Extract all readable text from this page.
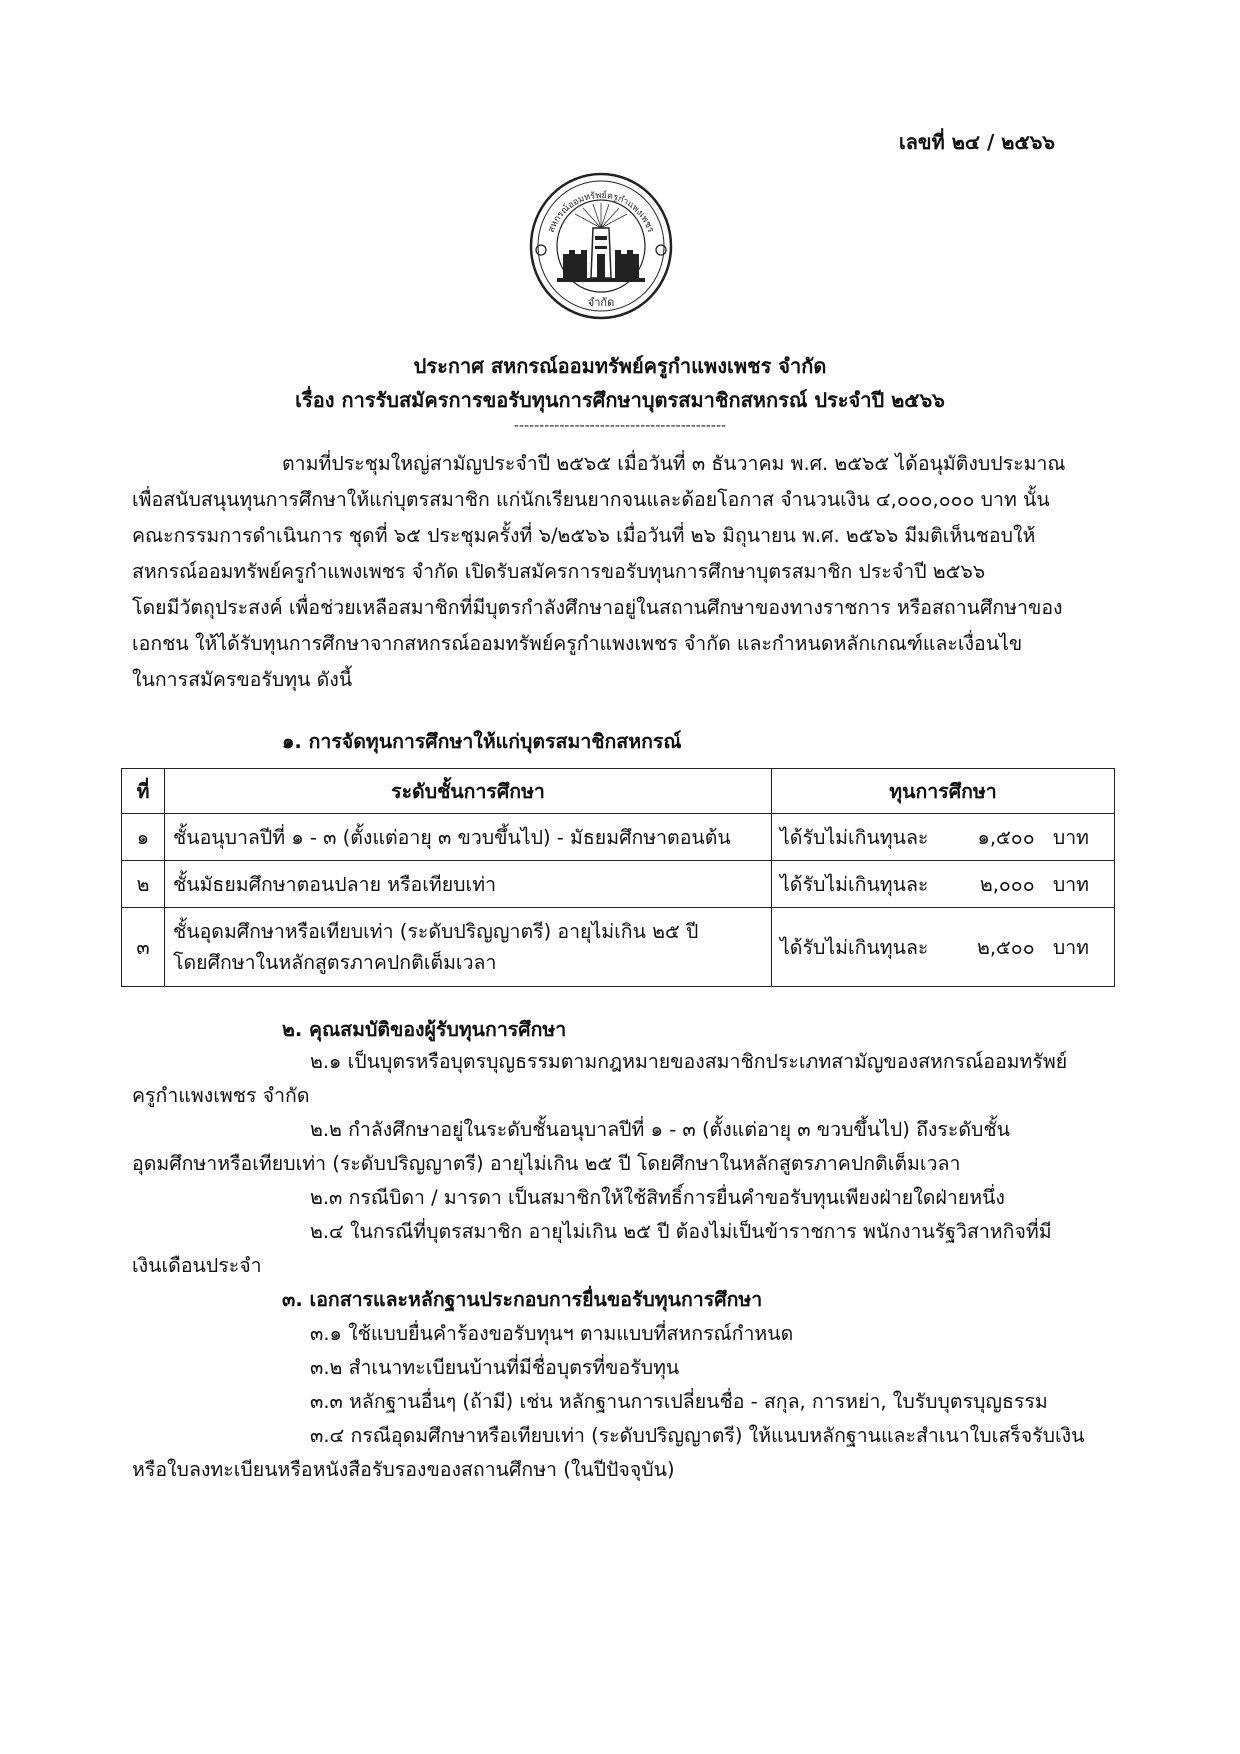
เลขที่ ๒๔ / ๒๕๖๖
สหกรณ์ออมทรัพย์ครูกำแพงเพชร
จำกัด
ประกาศ สหกรณ์ออมทรัพย์ครูกำแพงเพชร จำกัด
เรื่อง การรับสมัครการขอรับทุนการศึกษาบุตรสมาชิกสหกรณ์ ประจำปี ๒๕๖๖
------------------------------------------
ตามที่ประชุมใหญ่สามัญประจำปี ๒๕๖๕ เมื่อวันที่ ๓ ธันวาคม พ.ศ. ๒๕๖๕ ได้อนุมัติงบประมาณ
เพื่อสนับสนุนทุนการศึกษาให้แก่บุตรสมาชิก แก่นักเรียนยากจนและด้อยโอกาส จำนวนเงิน ๔,๐๐๐,๐๐๐ บาท นั้น
คณะกรรมการดำเนินการ ชุดที่ ๖๕ ประชุมครั้งที่ ๖/๒๕๖๖ เมื่อวันที่ ๒๖ มิถุนายน พ.ศ. ๒๕๖๖ มีมติเห็นชอบให้
สหกรณ์ออมทรัพย์ครูกำแพงเพชร จำกัด เปิดรับสมัครการขอรับทุนการศึกษาบุตรสมาชิก ประจำปี ๒๕๖๖
โดยมีวัตถุประสงค์ เพื่อช่วยเหลือสมาชิกที่มีบุตรกำลังศึกษาอยู่ในสถานศึกษาของทางราชการ หรือสถานศึกษาของ
เอกชน ให้ได้รับทุนการศึกษาจากสหกรณ์ออมทรัพย์ครูกำแพงเพชร จำกัด และกำหนดหลักเกณฑ์และเงื่อนไข
ในการสมัครขอรับทุน ดังนี้
๑. การจัดทุนการศึกษาให้แก่บุตรสมาชิกสหกรณ์
ที่	ระดับชั้นการศึกษา	ทุนการศึกษา
๑	ชั้นอนุบาลปีที่ ๑ - ๓ (ตั้งแต่อายุ ๓ ขวบขึ้นไป) - มัธยมศึกษาตอนต้น	ได้รับไม่เกินทุนละ ๑,๕๐๐ บาท
๒	ชั้นมัธยมศึกษาตอนปลาย หรือเทียบเท่า	ได้รับไม่เกินทุนละ ๒,๐๐๐ บาท
๓	ชั้นอุดมศึกษาหรือเทียบเท่า (ระดับปริญญาตรี) อายุไม่เกิน ๒๕ ปี
โดยศึกษาในหลักสูตรภาคปกติเต็มเวลา	ได้รับไม่เกินทุนละ ๒,๕๐๐ บาท
๒. คุณสมบัติของผู้รับทุนการศึกษา
๒.๑ เป็นบุตรหรือบุตรบุญธรรมตามกฎหมายของสมาชิกประเภทสามัญของสหกรณ์ออมทรัพย์
ครูกำแพงเพชร จำกัด
๒.๒ กำลังศึกษาอยู่ในระดับชั้นอนุบาลปีที่ ๑ - ๓ (ตั้งแต่อายุ ๓ ขวบขึ้นไป) ถึงระดับชั้น
อุดมศึกษาหรือเทียบเท่า (ระดับปริญญาตรี) อายุไม่เกิน ๒๕ ปี โดยศึกษาในหลักสูตรภาคปกติเต็มเวลา
๒.๓ กรณีบิดา / มารดา เป็นสมาชิกให้ใช้สิทธิ์การยื่นคำขอรับทุนเพียงฝ่ายใดฝ่ายหนึ่ง
๒.๔ ในกรณีที่บุตรสมาชิก อายุไม่เกิน ๒๕ ปี ต้องไม่เป็นข้าราชการ พนักงานรัฐวิสาหกิจที่มี
เงินเดือนประจำ
๓. เอกสารและหลักฐานประกอบการยื่นขอรับทุนการศึกษา
๓.๑ ใช้แบบยื่นคำร้องขอรับทุนฯ ตามแบบที่สหกรณ์กำหนด
๓.๒ สำเนาทะเบียนบ้านที่มีชื่อบุตรที่ขอรับทุน
๓.๓ หลักฐานอื่นๆ (ถ้ามี) เช่น หลักฐานการเปลี่ยนชื่อ - สกุล, การหย่า, ใบรับบุตรบุญธรรม
๓.๔ กรณีอุดมศึกษาหรือเทียบเท่า (ระดับปริญญาตรี) ให้แนบหลักฐานและสำเนาใบเสร็จรับเงิน
หรือใบลงทะเบียนหรือหนังสือรับรองของสถานศึกษา (ในปีปัจจุบัน)
